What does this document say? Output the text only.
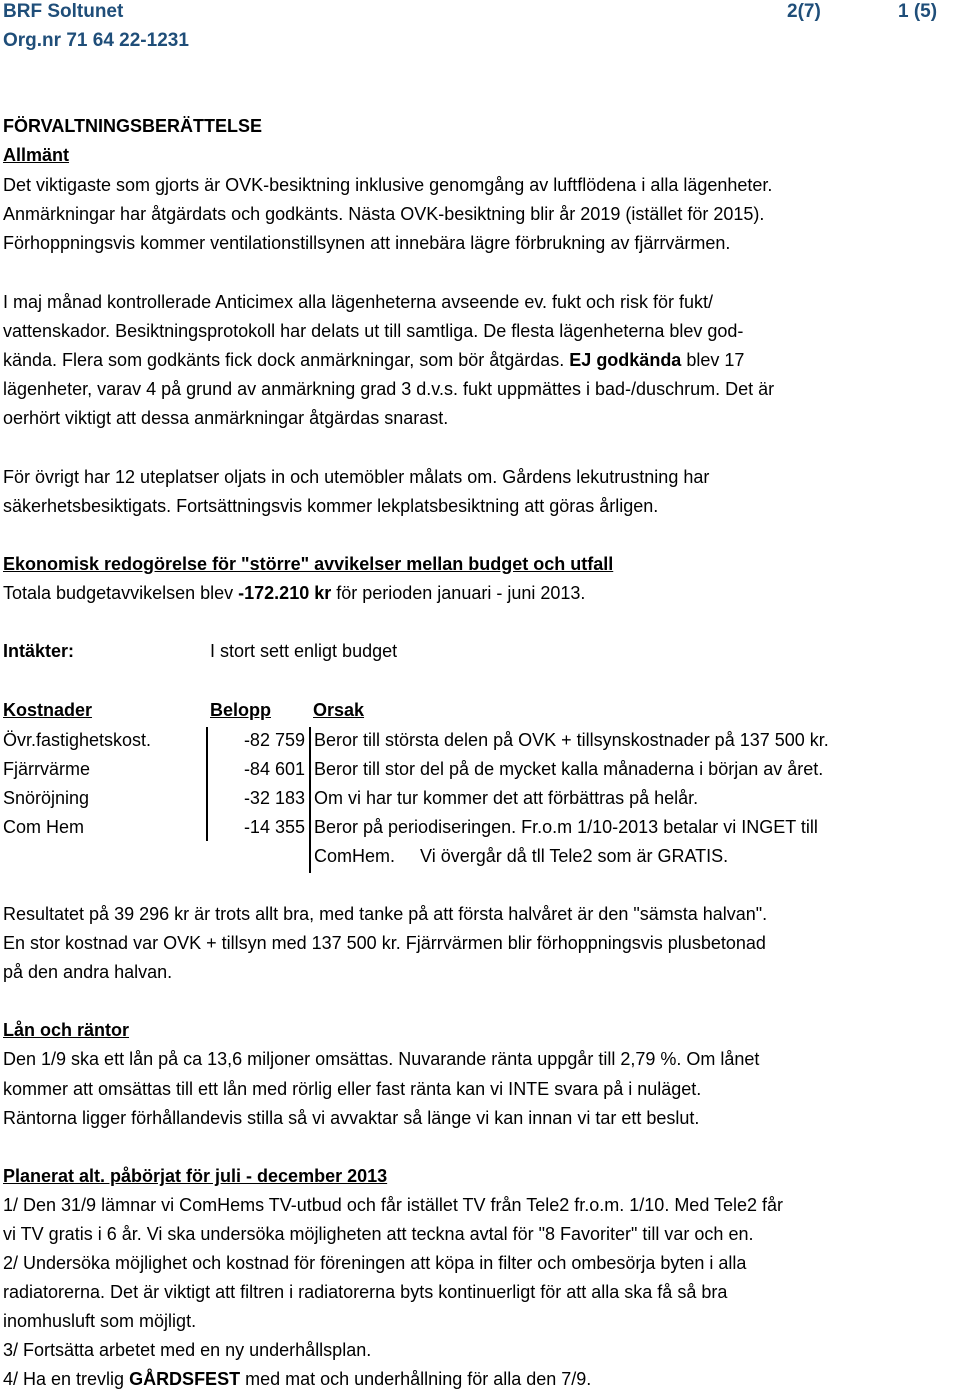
BRF Soltunet
Org.nr 71 64 22-1231
2(7)	1 (5)
FÖRVALTNINGSBERÄTTELSE
Allmänt
Det viktigaste som gjorts är OVK-besiktning inklusive genomgång av luftflödena i alla lägenheter.
Anmärkningar har åtgärdats och godkänts. Nästa OVK-besiktning blir år 2019 (istället för 2015).
Förhoppningsvis kommer ventilationstillsynen att innebära lägre förbrukning av fjärrvärmen.
I maj månad kontrollerade Anticimex alla lägenheterna avseende ev. fukt och risk för fukt/
vattenskador. Besiktningsprotokoll har delats ut till samtliga. De flesta lägenheterna blev god-
kända. Flera som godkänts fick dock anmärkningar, som bör åtgärdas. EJ godkända blev 17
lägenheter, varav 4 på grund av anmärkning grad 3 d.v.s. fukt uppmättes i bad-/duschrum. Det är
oerhört viktigt att dessa anmärkningar åtgärdas snarast.
För övrigt har 12 uteplatser oljats in och utemöbler målats om. Gårdens lekutrustning har
säkerhetsbesiktigats. Fortsättningsvis kommer lekplatsbesiktning att göras årligen.
Ekonomisk redogörelse för "större" avvikelser mellan budget och utfall
Totala budgetavvikelsen blev -172.210 kr för perioden januari - juni 2013.
Intäkter:	I stort sett enligt budget
Kostnader	Belopp Orsak
Övr.fastighetskost.	-82 759 Beror till största delen på OVK + tillsynskostnader på 137 500 kr.
Fjärrvärme	-84 601 Beror till stor del på de mycket kalla månaderna i början av året.
Snöröjning	-32 183 Om vi har tur kommer det att förbättras på helår.
Com Hem	-14 355 Beror på periodiseringen. Fr.o.m 1/10-2013 betalar vi INGET till
ComHem.     Vi övergår då tll Tele2 som är GRATIS.
Resultatet på 39 296 kr är trots allt bra, med tanke på att första halvåret är den "sämsta halvan".
En stor kostnad var OVK + tillsyn med 137 500 kr. Fjärrvärmen blir förhoppningsvis plusbetonad
på den andra halvan.
Lån och räntor
Den 1/9 ska ett lån på ca 13,6 miljoner omsättas. Nuvarande ränta uppgår till 2,79 %. Om lånet
kommer att omsättas till ett lån med rörlig eller fast ränta kan vi INTE svara på i nuläget.
Räntorna ligger förhållandevis stilla så vi avvaktar så länge vi kan innan vi tar ett beslut.
Planerat alt. påbörjat för juli - december 2013
1/ Den 31/9 lämnar vi ComHems TV-utbud och får istället TV från Tele2 fr.o.m. 1/10. Med Tele2 får
vi TV gratis i 6 år. Vi ska undersöka möjligheten att teckna avtal för "8 Favoriter" till var och en.
2/ Undersöka möjlighet och kostnad för föreningen att köpa in filter och ombesörja byten i alla
radiatorerna. Det är viktigt att filtren i radiatorerna byts kontinuerligt för att alla ska få så bra
inomhusluft som möjligt.
3/ Fortsätta arbetet med en ny underhållsplan.
4/ Ha en trevlig GÅRDSFEST med mat och underhållning för alla den 7/9.
